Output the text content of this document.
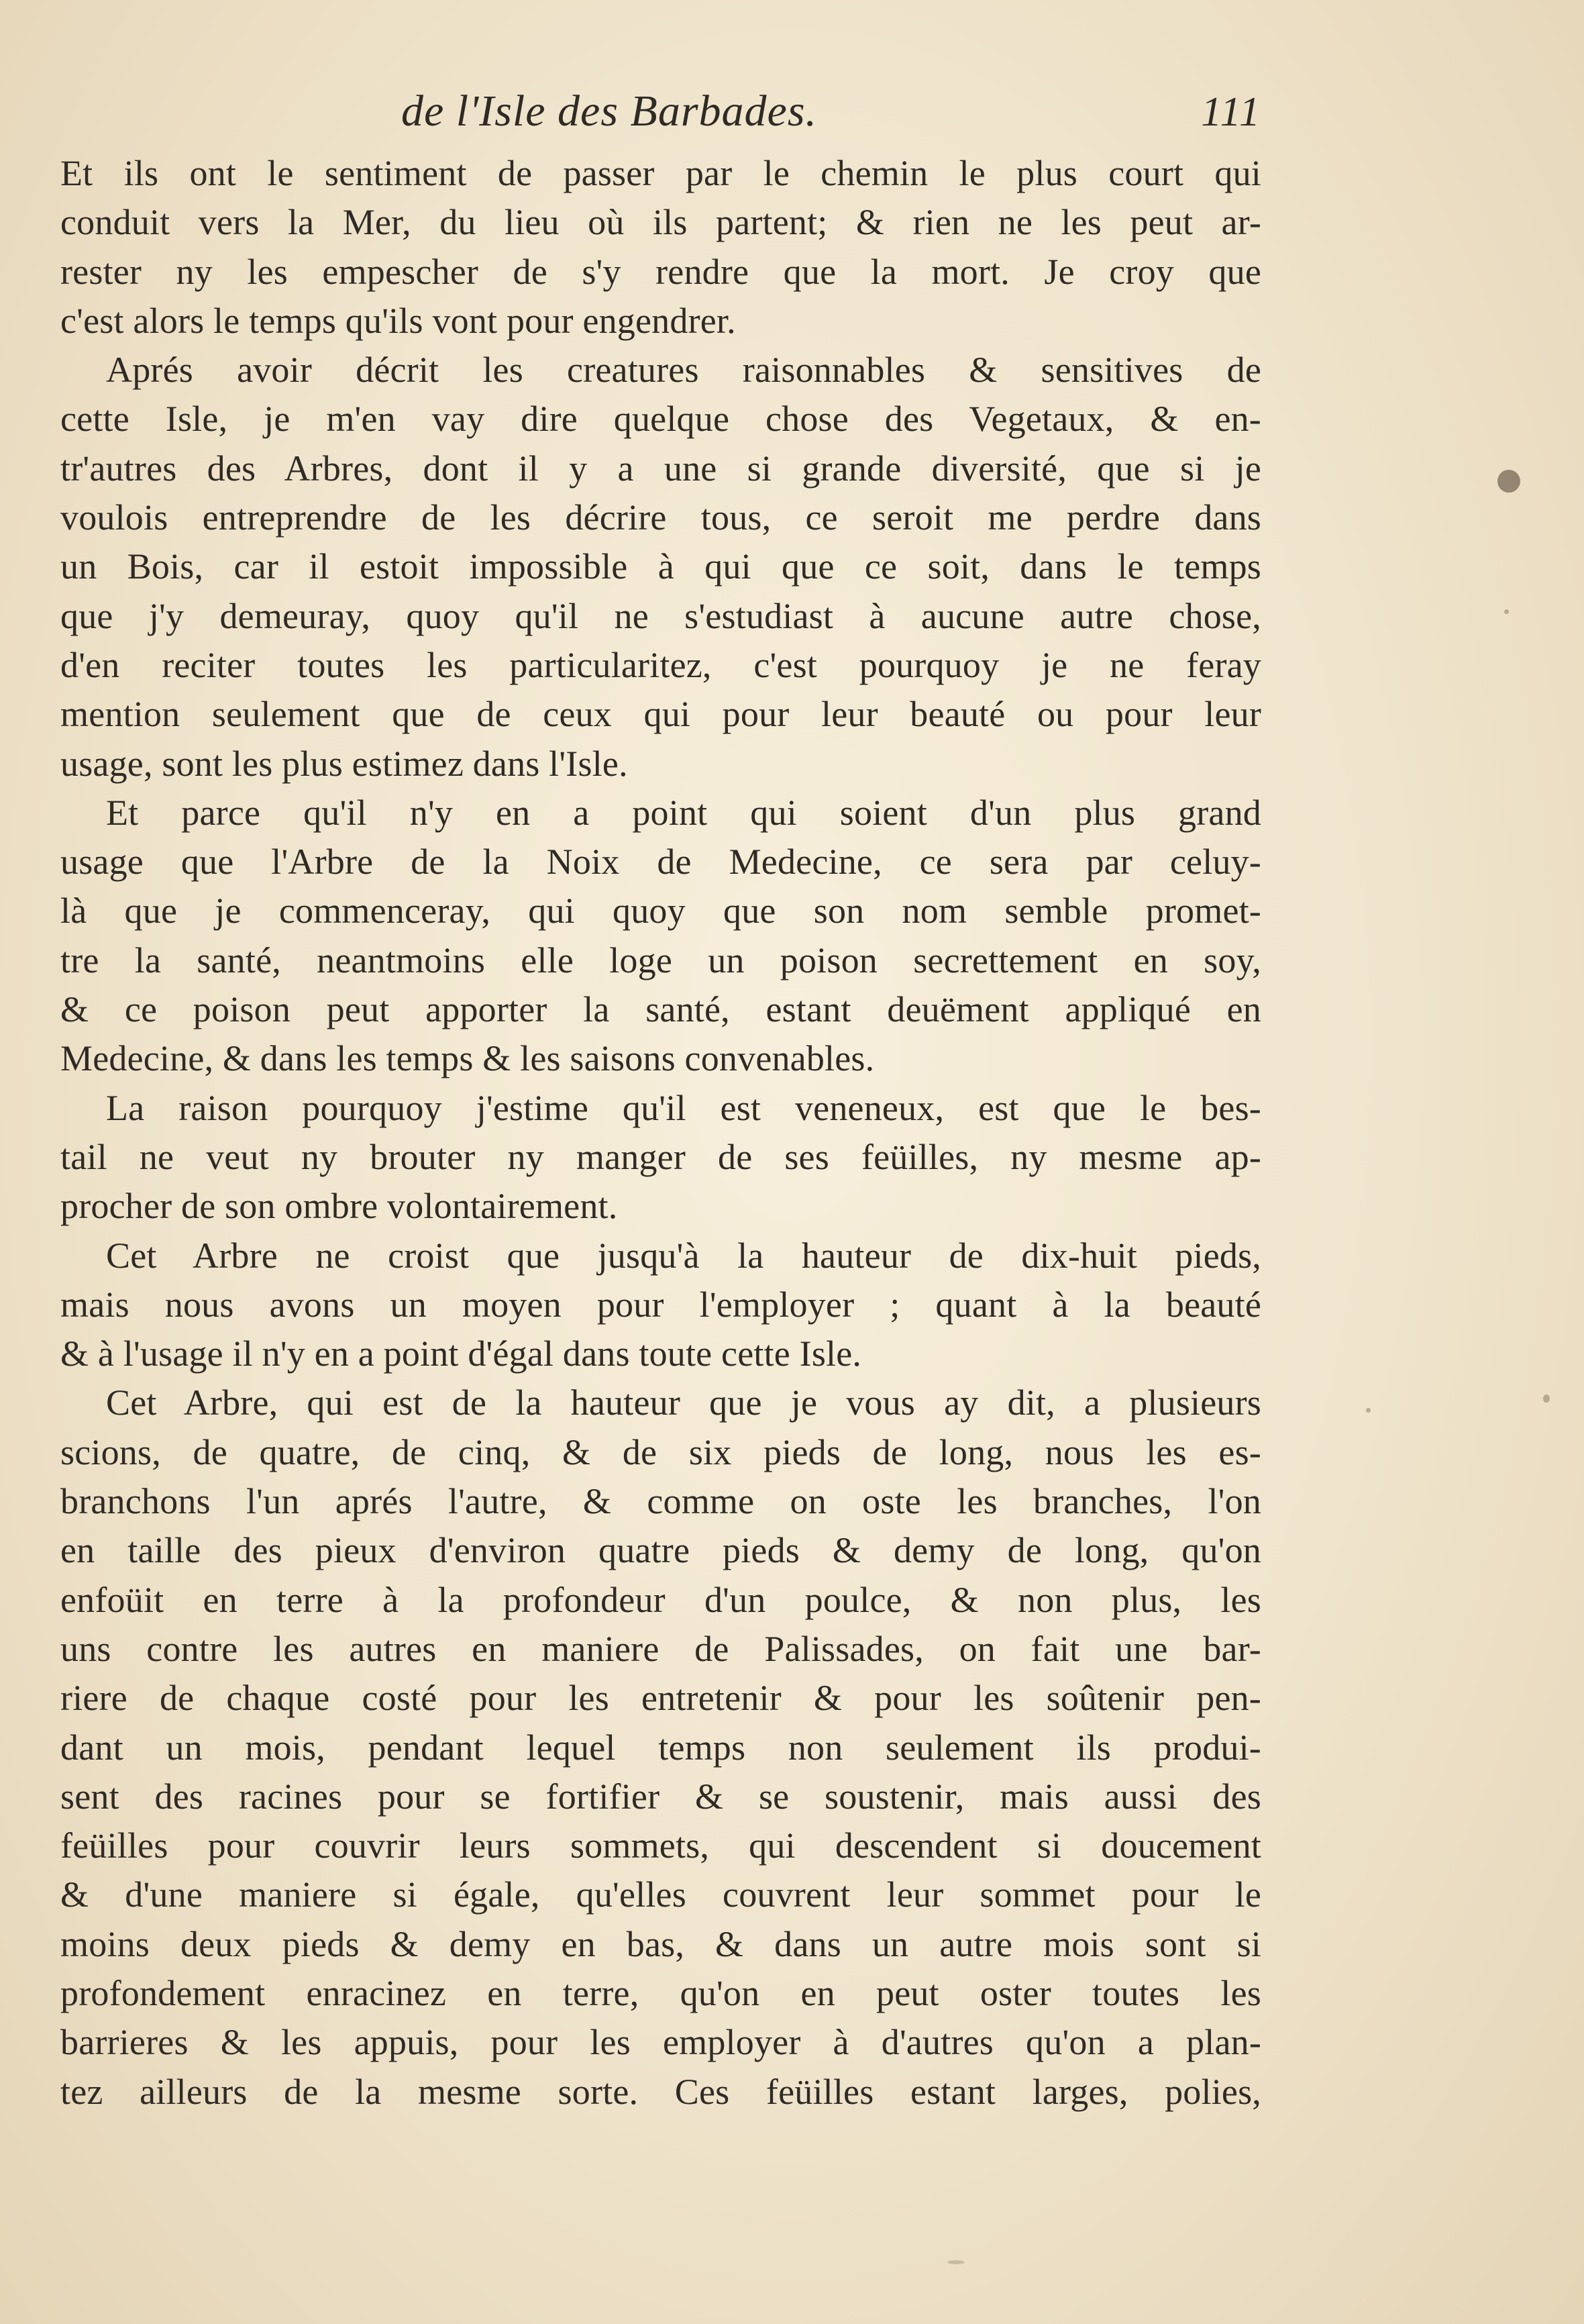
de l'Isle des Barbades.	111
Et ils ont le sentiment de passer par le chemin le plus court qui
conduit vers la Mer, du lieu où ils partent; & rien ne les peut ar-
rester ny les empescher de s'y rendre que la mort. Je croy que
c'est alors le temps qu'ils vont pour engendrer.
Aprés avoir décrit les creatures raisonnables & sensitives de
cette Isle, je m'en vay dire quelque chose des Vegetaux, & en-
tr'autres des Arbres, dont il y a une si grande diversité, que si je
voulois entreprendre de les décrire tous, ce seroit me perdre dans
un Bois, car il estoit impossible à qui que ce soit, dans le temps
que j'y demeuray, quoy qu'il ne s'estudiast à aucune autre chose,
d'en reciter toutes les particularitez, c'est pourquoy je ne feray
mention seulement que de ceux qui pour leur beauté ou pour leur
usage, sont les plus estimez dans l'Isle.
Et parce qu'il n'y en a point qui soient d'un plus grand
usage que l'Arbre de la Noix de Medecine, ce sera par celuy-
là que je commenceray, qui quoy que son nom semble promet-
tre la santé, neantmoins elle loge un poison secrettement en soy,
& ce poison peut apporter la santé, estant deuëment appliqué en
Medecine, & dans les temps & les saisons convenables.
La raison pourquoy j'estime qu'il est veneneux, est que le bes-
tail ne veut ny brouter ny manger de ses feüilles, ny mesme ap-
procher de son ombre volontairement.
Cet Arbre ne croist que jusqu'à la hauteur de dix-huit pieds,
mais nous avons un moyen pour l'employer ; quant à la beauté
& à l'usage il n'y en a point d'égal dans toute cette Isle.
Cet Arbre, qui est de la hauteur que je vous ay dit, a plusieurs
scions, de quatre, de cinq, & de six pieds de long, nous les es-
branchons l'un aprés l'autre, & comme on oste les branches, l'on
en taille des pieux d'environ quatre pieds & demy de long, qu'on
enfoüit en terre à la profondeur d'un poulce, & non plus, les
uns contre les autres en maniere de Palissades, on fait une bar-
riere de chaque costé pour les entretenir & pour les soûtenir pen-
dant un mois, pendant lequel temps non seulement ils produi-
sent des racines pour se fortifier & se soustenir, mais aussi des
feüilles pour couvrir leurs sommets, qui descendent si doucement
& d'une maniere si égale, qu'elles couvrent leur sommet pour le
moins deux pieds & demy en bas, & dans un autre mois sont si
profondement enracinez en terre, qu'on en peut oster toutes les
barrieres & les appuis, pour les employer à d'autres qu'on a plan-
tez ailleurs de la mesme sorte. Ces feüilles estant larges, polies,
